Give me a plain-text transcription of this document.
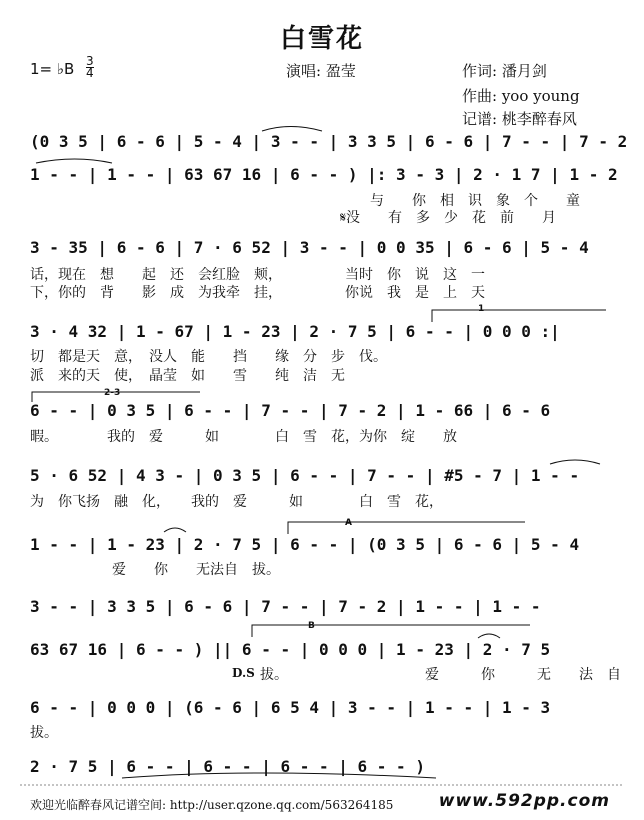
白雪花
1= ♭B $\frac{3}{4}$	演唱: 盈莹	作词: 潘月剑
作曲: yoo young
记谱: 桃李醉春风
(0 3 5 | 6 - 6 | 5 - 4 | 3 - - | 3 3 5 | 6 - 6 | 7 - - | 7 - 2
1 - - | 1 - - | 63 67 16 | 6 - - ) |: 3 - 3 | 2 · 1 7 | 1 - 2
与　　你　相　识　象　个　　童
𝄋没　　有　多　少　花　前　　月
3 - 35 | 6 - 6 | 7 · 6 52 | 3 - - | 0 0 35 | 6 - 6 | 5 - 4
话，现在　想　　起　还　会红脸　颊，　　　　　当时　你　说　这　一
下，你的　背　　影　成　为我牵　挂，　　　　　你说　我　是　上　天
3 · 4 32 | 1 - 67 | 1 - 23 | 2 · 7 5 | 6 - - | 0 0 0 :|
切　都是天　意，　没人　能　　挡　　缘　分　步　伐。
派　来的天　使，　晶莹　如　　雪　　纯　洁　无
6 - - | 0 3 5 | 6 - - | 7 - - | 7 - 2 | 1 - 66 | 6 - 6
暇。　　　　我的　爱　　　如　　　　白　雪　花，为你　绽　　放
5 · 6 52 | 4 3 - | 0 3 5 | 6 - - | 7 - - | #5 - 7 | 1 - -
为　你飞扬　融　化，　　我的　爱　　　如　　　　白　雪　花，
1 - - | 1 - 23 | 2 · 7 5 | 6 - - | (0 3 5 | 6 - 6 | 5 - 4
爱　　你　　无法自　拔。
3 - - | 3 3 5 | 6 - 6 | 7 - - | 7 - 2 | 1 - - | 1 - -
63 67 16 | 6 - - ) || 6 - - | 0 0 0 | 1 - 23 | 2 · 7 5
D.S 拔。	爱　　　你　　　无　　法　自
6 - - | 0 0 0 | (6 - 6 | 6 5 4 | 3 - - | 1 - - | 1 - 3
拔。
2 · 7 5 | 6 - - | 6 - - | 6 - - | 6 - - )
1
2-3
A
B
欢迎光临醉春风记谱空间: http://user.qzone.qq.com/563264185	www.592pp.com
